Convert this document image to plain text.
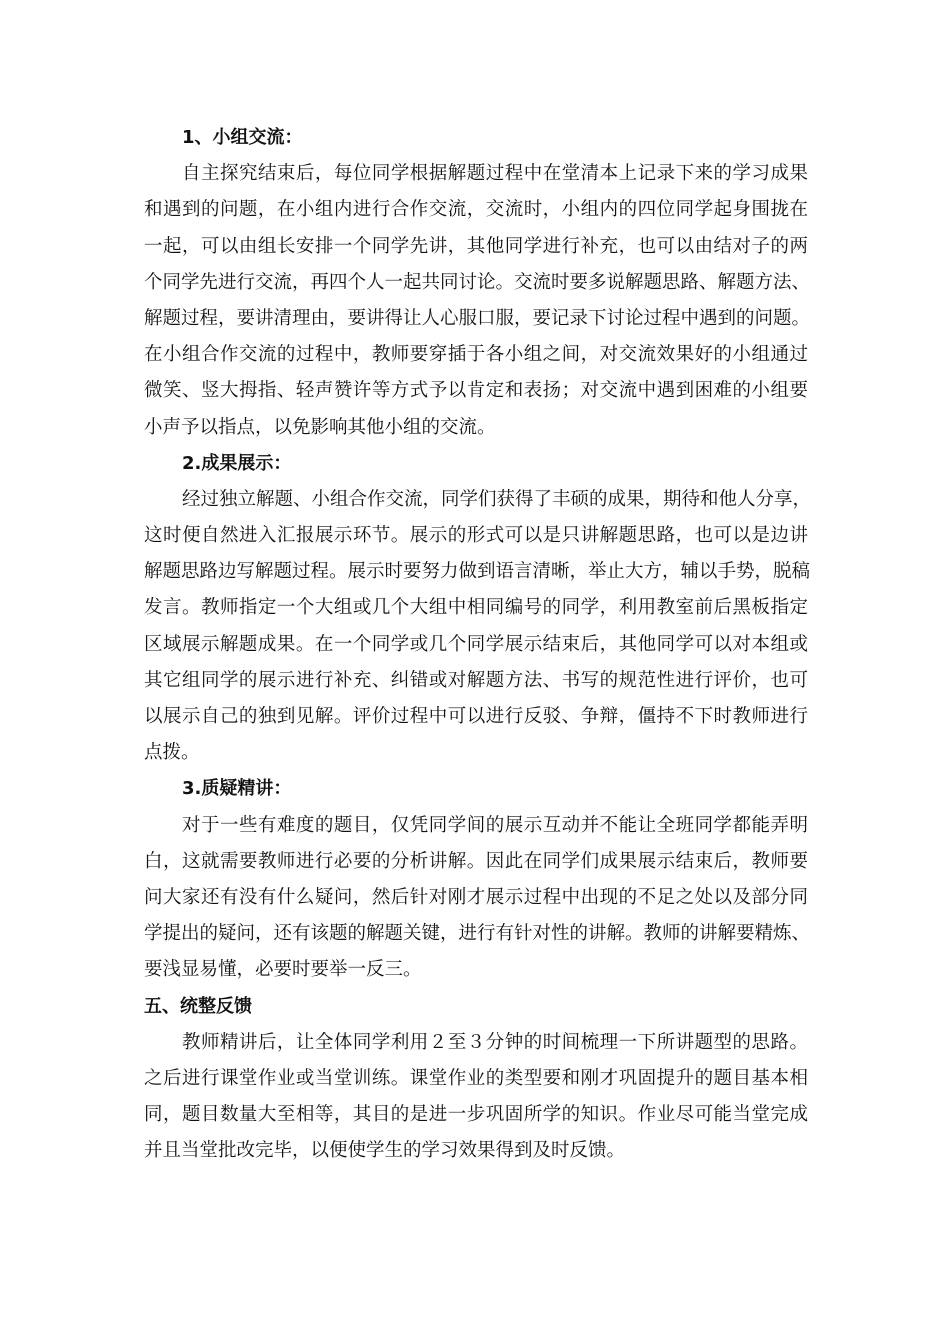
1、小组交流：
自主探究结束后，每位同学根据解题过程中在堂清本上记录下来的学习成果
和遇到的问题，在小组内进行合作交流，交流时，小组内的四位同学起身围拢在
一起，可以由组长安排一个同学先讲，其他同学进行补充，也可以由结对子的两
个同学先进行交流，再四个人一起共同讨论。交流时要多说解题思路、解题方法、
解题过程，要讲清理由，要讲得让人心服口服，要记录下讨论过程中遇到的问题。
在小组合作交流的过程中，教师要穿插于各小组之间，对交流效果好的小组通过
微笑、竖大拇指、轻声赞许等方式予以肯定和表扬；对交流中遇到困难的小组要
小声予以指点，以免影响其他小组的交流。
2.成果展示：
经过独立解题、小组合作交流，同学们获得了丰硕的成果，期待和他人分享，
这时便自然进入汇报展示环节。展示的形式可以是只讲解题思路，也可以是边讲
解题思路边写解题过程。展示时要努力做到语言清晰，举止大方，辅以手势，脱稿
发言。教师指定一个大组或几个大组中相同编号的同学，利用教室前后黑板指定
区域展示解题成果。在一个同学或几个同学展示结束后，其他同学可以对本组或
其它组同学的展示进行补充、纠错或对解题方法、书写的规范性进行评价，也可
以展示自己的独到见解。评价过程中可以进行反驳、争辩，僵持不下时教师进行
点拨。
3.质疑精讲：
对于一些有难度的题目，仅凭同学间的展示互动并不能让全班同学都能弄明
白，这就需要教师进行必要的分析讲解。因此在同学们成果展示结束后，教师要
问大家还有没有什么疑问，然后针对刚才展示过程中出现的不足之处以及部分同
学提出的疑问，还有该题的解题关键，进行有针对性的讲解。教师的讲解要精炼、
要浅显易懂，必要时要举一反三。
五、统整反馈
教师精讲后，让全体同学利用２至３分钟的时间梳理一下所讲题型的思路。
之后进行课堂作业或当堂训练。课堂作业的类型要和刚才巩固提升的题目基本相
同，题目数量大至相等，其目的是进一步巩固所学的知识。作业尽可能当堂完成
并且当堂批改完毕，以便使学生的学习效果得到及时反馈。
